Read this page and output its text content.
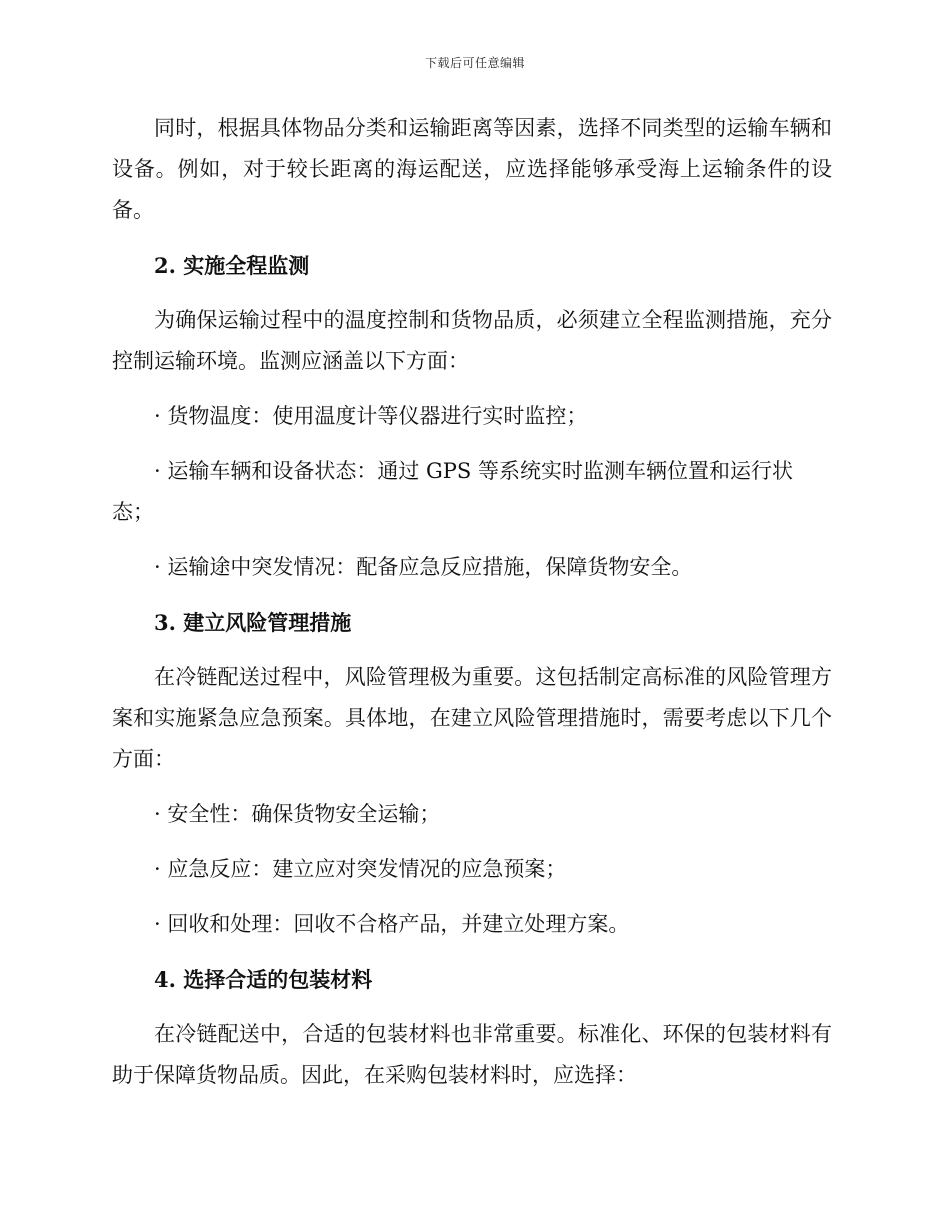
下载后可任意编辑

同时，根据具体物品分类和运输距离等因素，选择不同类型的运输车辆和设备。例如，对于较长距离的海运配送，应选择能够承受海上运输条件的设备。

2. 实施全程监测

为确保运输过程中的温度控制和货物品质，必须建立全程监测措施，充分控制运输环境。监测应涵盖以下方面：

· 货物温度：使用温度计等仪器进行实时监控；

· 运输车辆和设备状态：通过 GPS 等系统实时监测车辆位置和运行状态；

· 运输途中突发情况：配备应急反应措施，保障货物安全。

3. 建立风险管理措施

在冷链配送过程中，风险管理极为重要。这包括制定高标准的风险管理方案和实施紧急应急预案。具体地，在建立风险管理措施时，需要考虑以下几个方面：

· 安全性：确保货物安全运输；

· 应急反应：建立应对突发情况的应急预案；

· 回收和处理：回收不合格产品，并建立处理方案。

4. 选择合适的包装材料

在冷链配送中，合适的包装材料也非常重要。标准化、环保的包装材料有助于保障货物品质。因此，在采购包装材料时，应选择：
